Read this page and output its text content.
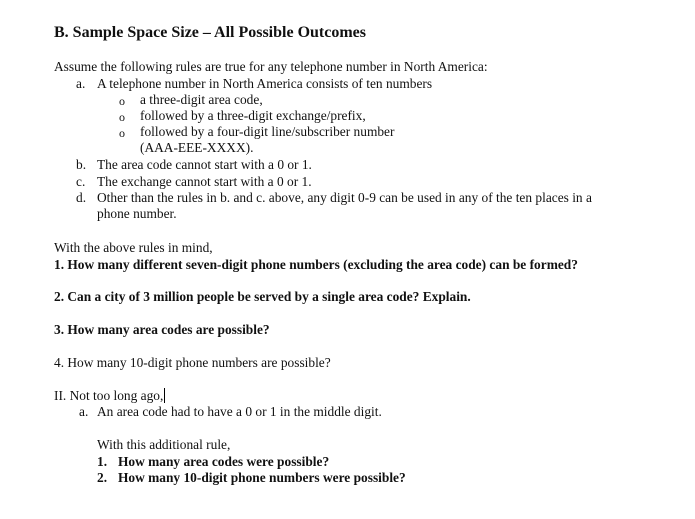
B. Sample Space Size – All Possible Outcomes
Assume the following rules are true for any telephone number in North America:
a. A telephone number in North America consists of ten numbers
o a three-digit area code,
o followed by a three-digit exchange/prefix,
o followed by a four-digit line/subscriber number
(AAA-EEE-XXXX).
b. The area code cannot start with a 0 or 1.
c. The exchange cannot start with a 0 or 1.
d. Other than the rules in b. and c. above, any digit 0-9 can be used in any of the ten places in a
phone number.
With the above rules in mind,
1. How many different seven-digit phone numbers (excluding the area code) can be formed?
2. Can a city of 3 million people be served by a single area code? Explain.
3. How many area codes are possible?
4. How many 10-digit phone numbers are possible?
II. Not too long ago,
a. An area code had to have a 0 or 1 in the middle digit.
With this additional rule,
1. How many area codes were possible?
2. How many 10-digit phone numbers were possible?
